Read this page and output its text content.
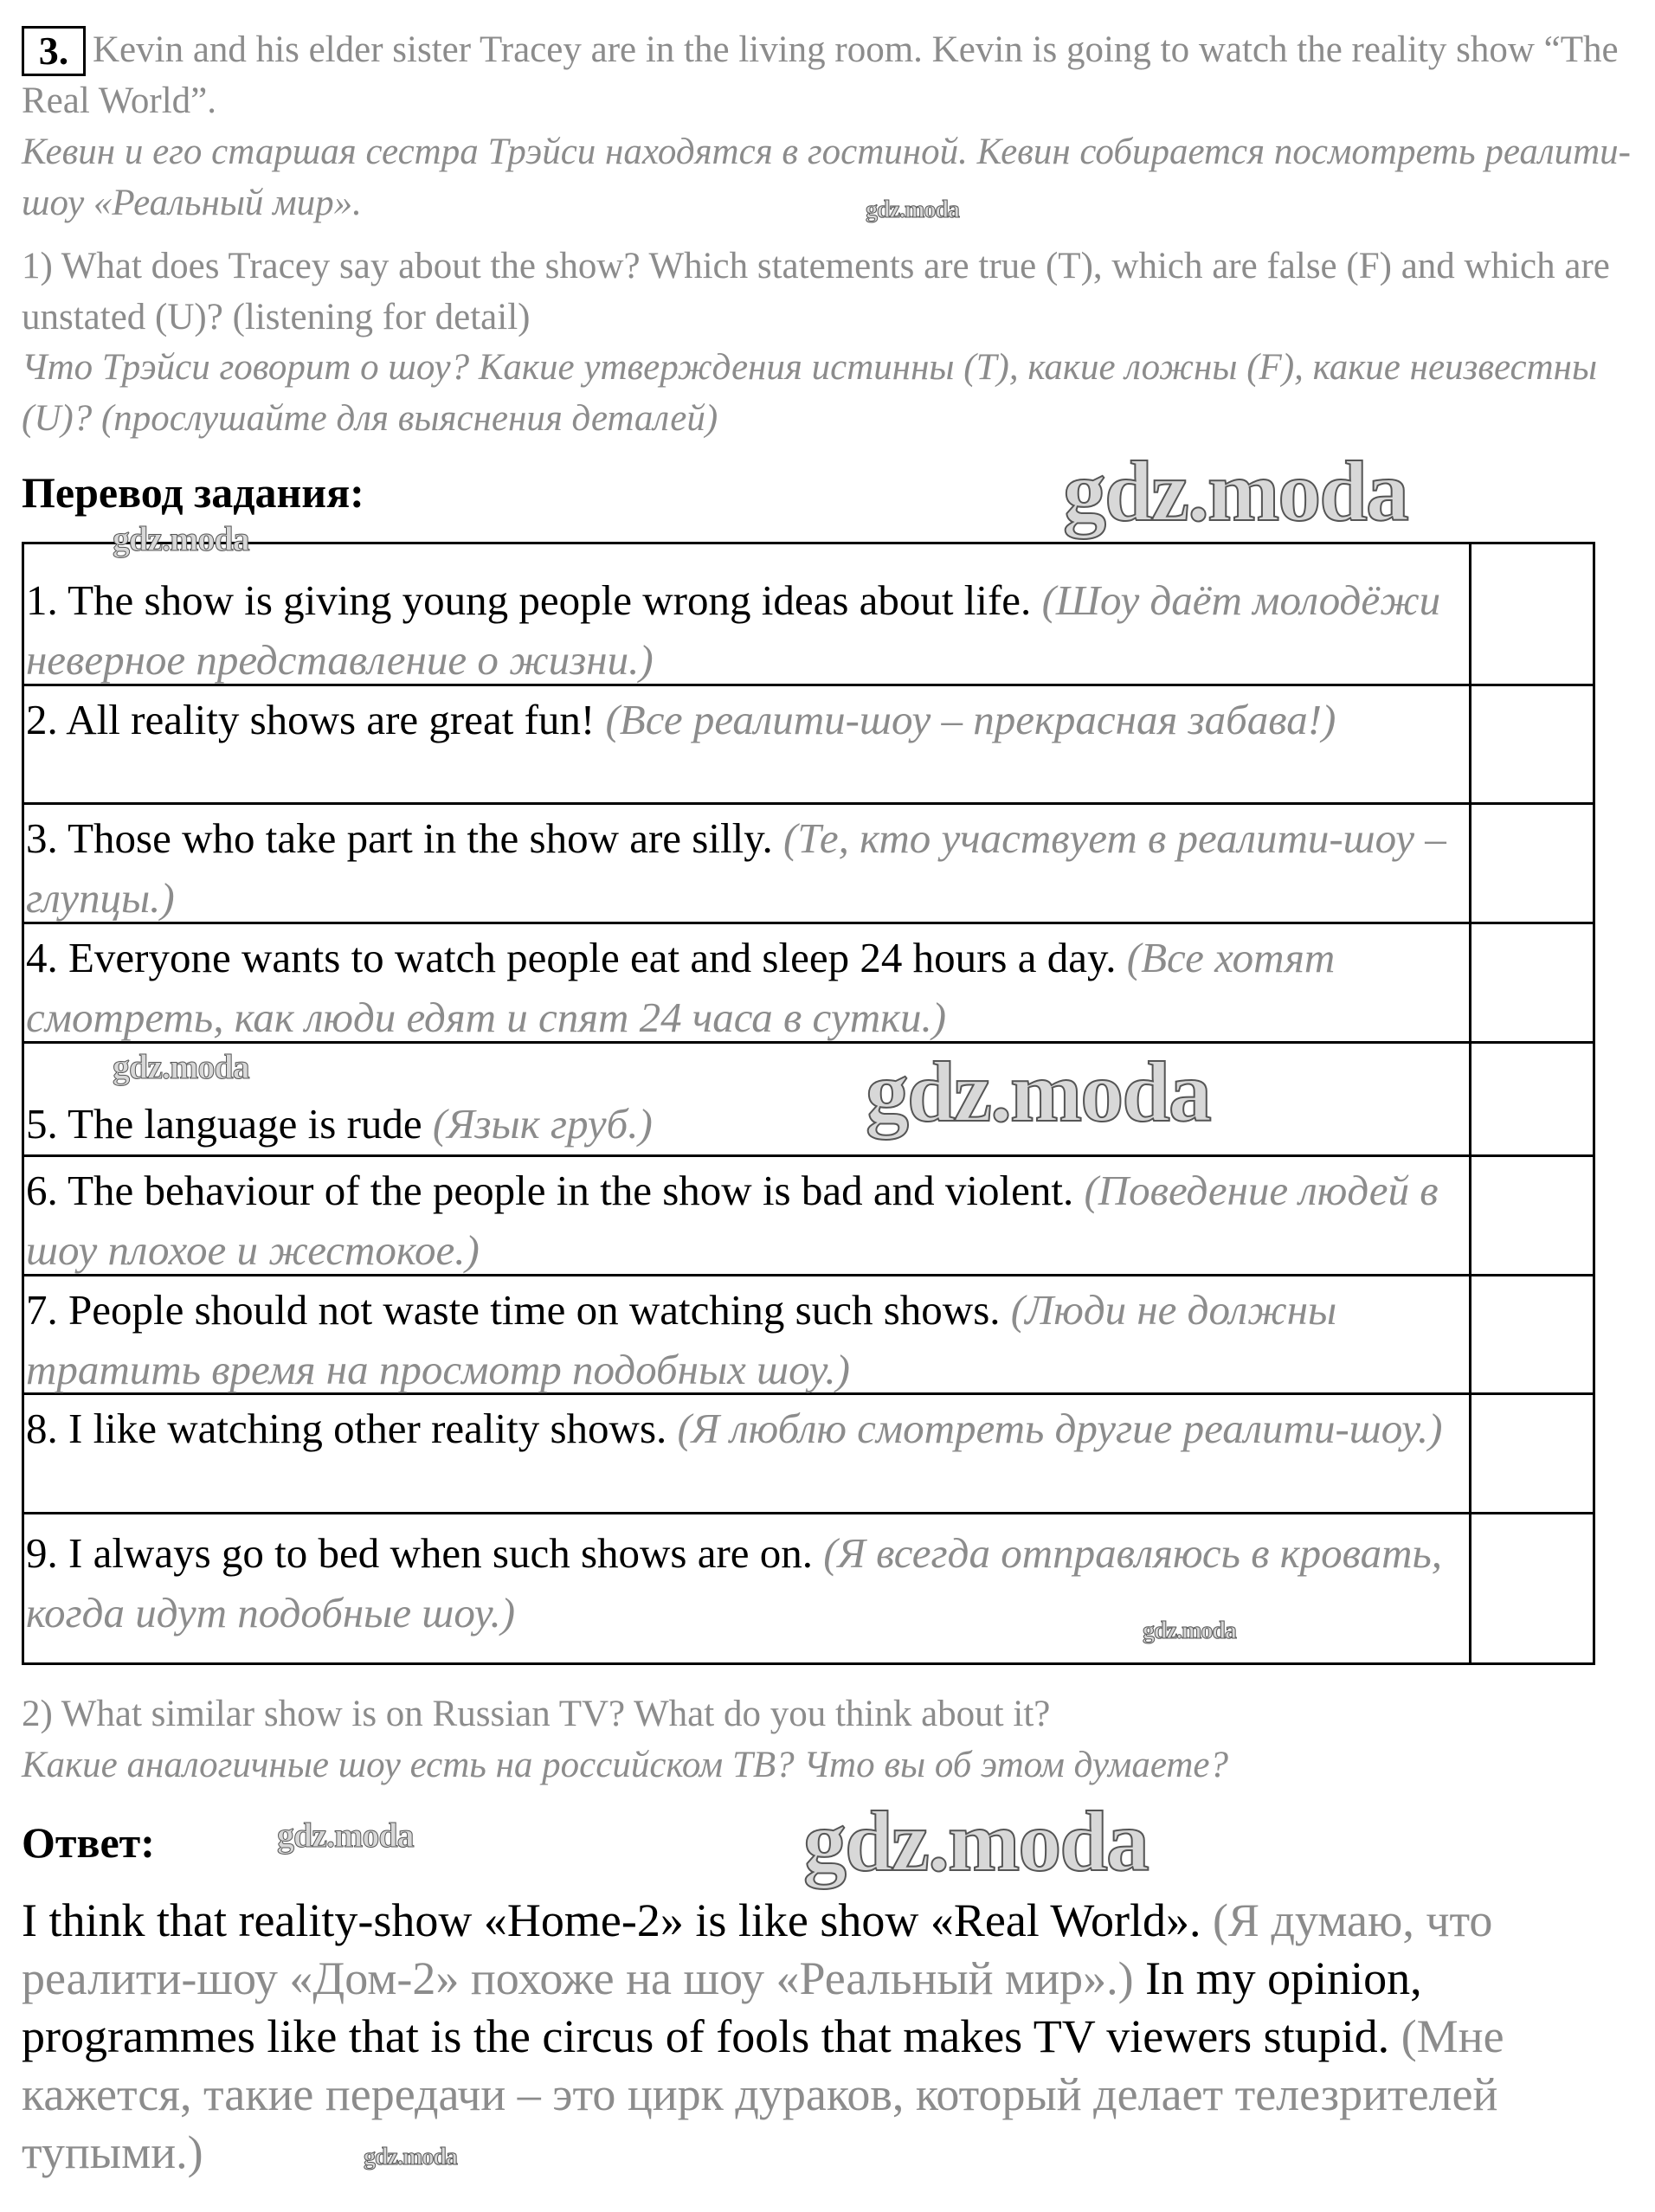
3. Kevin and his elder sister Tracey are in the living room. Kevin is going to watch the reality show “The Real World”.
Кевин и его старшая сестра Трэйси находятся в гостиной. Кевин собирается посмотреть реалити-шоу «Реальный мир».
1) What does Tracey say about the show? Which statements are true (T), which are false (F) and which are unstated (U)? (listening for detail)
Что Трэйси говорит о шоу? Какие утверждения истинны (T), какие ложны (F), какие неизвестны (U)? (прослушайте для выяснения деталей)
Перевод задания:
1. The show is giving young people wrong ideas about life. (Шоу даёт молодёжи неверное представление о жизни.)
2. All reality shows are great fun! (Все реалити-шоу – прекрасная забава!)
3. Those who take part in the show are silly. (Те, кто участвует в реалити-шоу – глупцы.)
4. Everyone wants to watch people eat and sleep 24 hours a day. (Все хотят смотреть, как люди едят и спят 24 часа в сутки.)
5. The language is rude (Язык груб.)
6. The behaviour of the people in the show is bad and violent. (Поведение людей в шоу плохое и жестокое.)
7. People should not waste time on watching such shows. (Люди не должны тратить время на просмотр подобных шоу.)
8. I like watching other reality shows. (Я люблю смотреть другие реалити-шоу.)
9. I always go to bed when such shows are on. (Я всегда отправляюсь в кровать, когда идут подобные шоу.)
2) What similar show is on Russian TV? What do you think about it?
Какие аналогичные шоу есть на российском ТВ? Что вы об этом думаете?
Ответ:
I think that reality-show «Home-2» is like show «Real World». (Я думаю, что реалити-шоу «Дом-2» похоже на шоу «Реальный мир».) In my opinion, programmes like that is the circus of fools that makes TV viewers stupid. (Мне кажется, такие передачи – это цирк дураков, который делает телезрителей тупыми.)
gdz.moda
gdz.moda
gdz.moda
gdz.moda
gdz.moda
gdz.moda
gdz.moda
gdz.moda
gdz.moda
